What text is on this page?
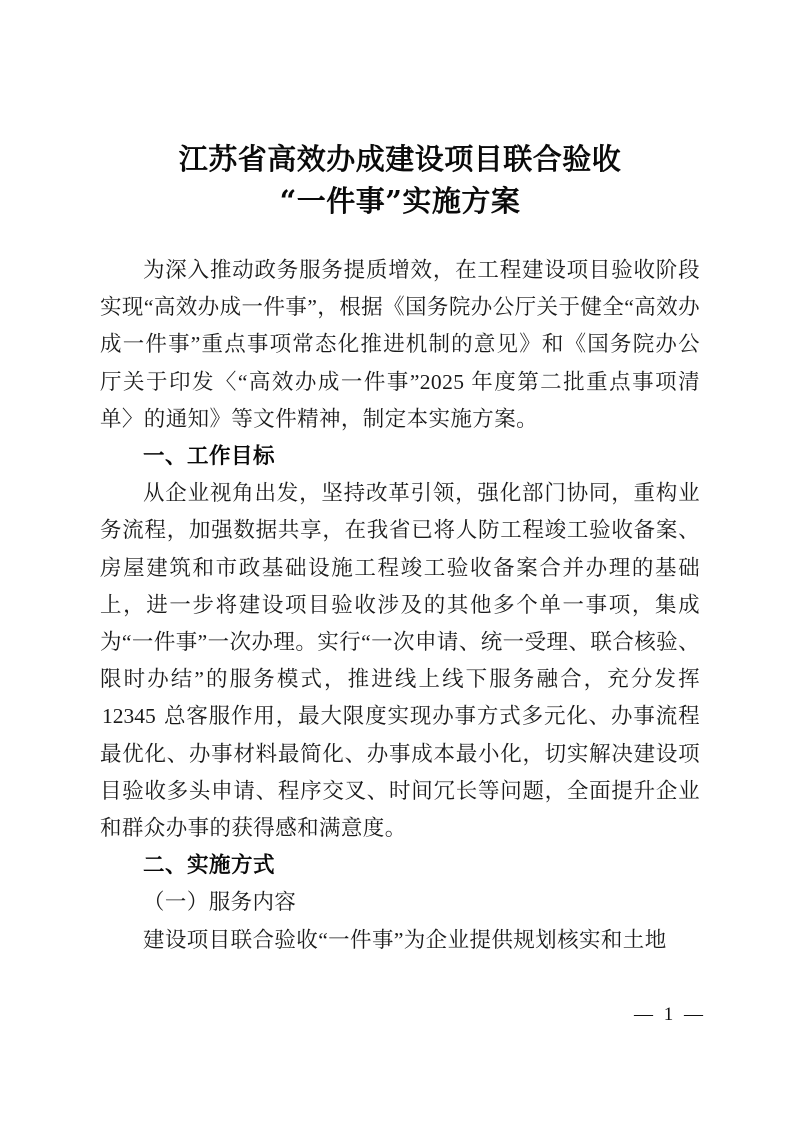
江苏省高效办成建设项目联合验收
“一件事”实施方案

为深入推动政务服务提质增效，在工程建设项目验收阶段实现“高效办成一件事”，根据《国务院办公厅关于健全“高效办成一件事”重点事项常态化推进机制的意见》和《国务院办公厅关于印发〈“高效办成一件事”2025 年度第二批重点事项清单〉的通知》等文件精神，制定本实施方案。

一、工作目标

从企业视角出发，坚持改革引领，强化部门协同，重构业务流程，加强数据共享，在我省已将人防工程竣工验收备案、房屋建筑和市政基础设施工程竣工验收备案合并办理的基础上，进一步将建设项目验收涉及的其他多个单一事项，集成为“一件事”一次办理。实行“一次申请、统一受理、联合核验、限时办结”的服务模式，推进线上线下服务融合，充分发挥 12345 总客服作用，最大限度实现办事方式多元化、办事流程最优化、办事材料最简化、办事成本最小化，切实解决建设项目验收多头申请、程序交叉、时间冗长等问题，全面提升企业和群众办事的获得感和满意度。

二、实施方式

（一）服务内容

建设项目联合验收“一件事”为企业提供规划核实和土地

— 1 —
